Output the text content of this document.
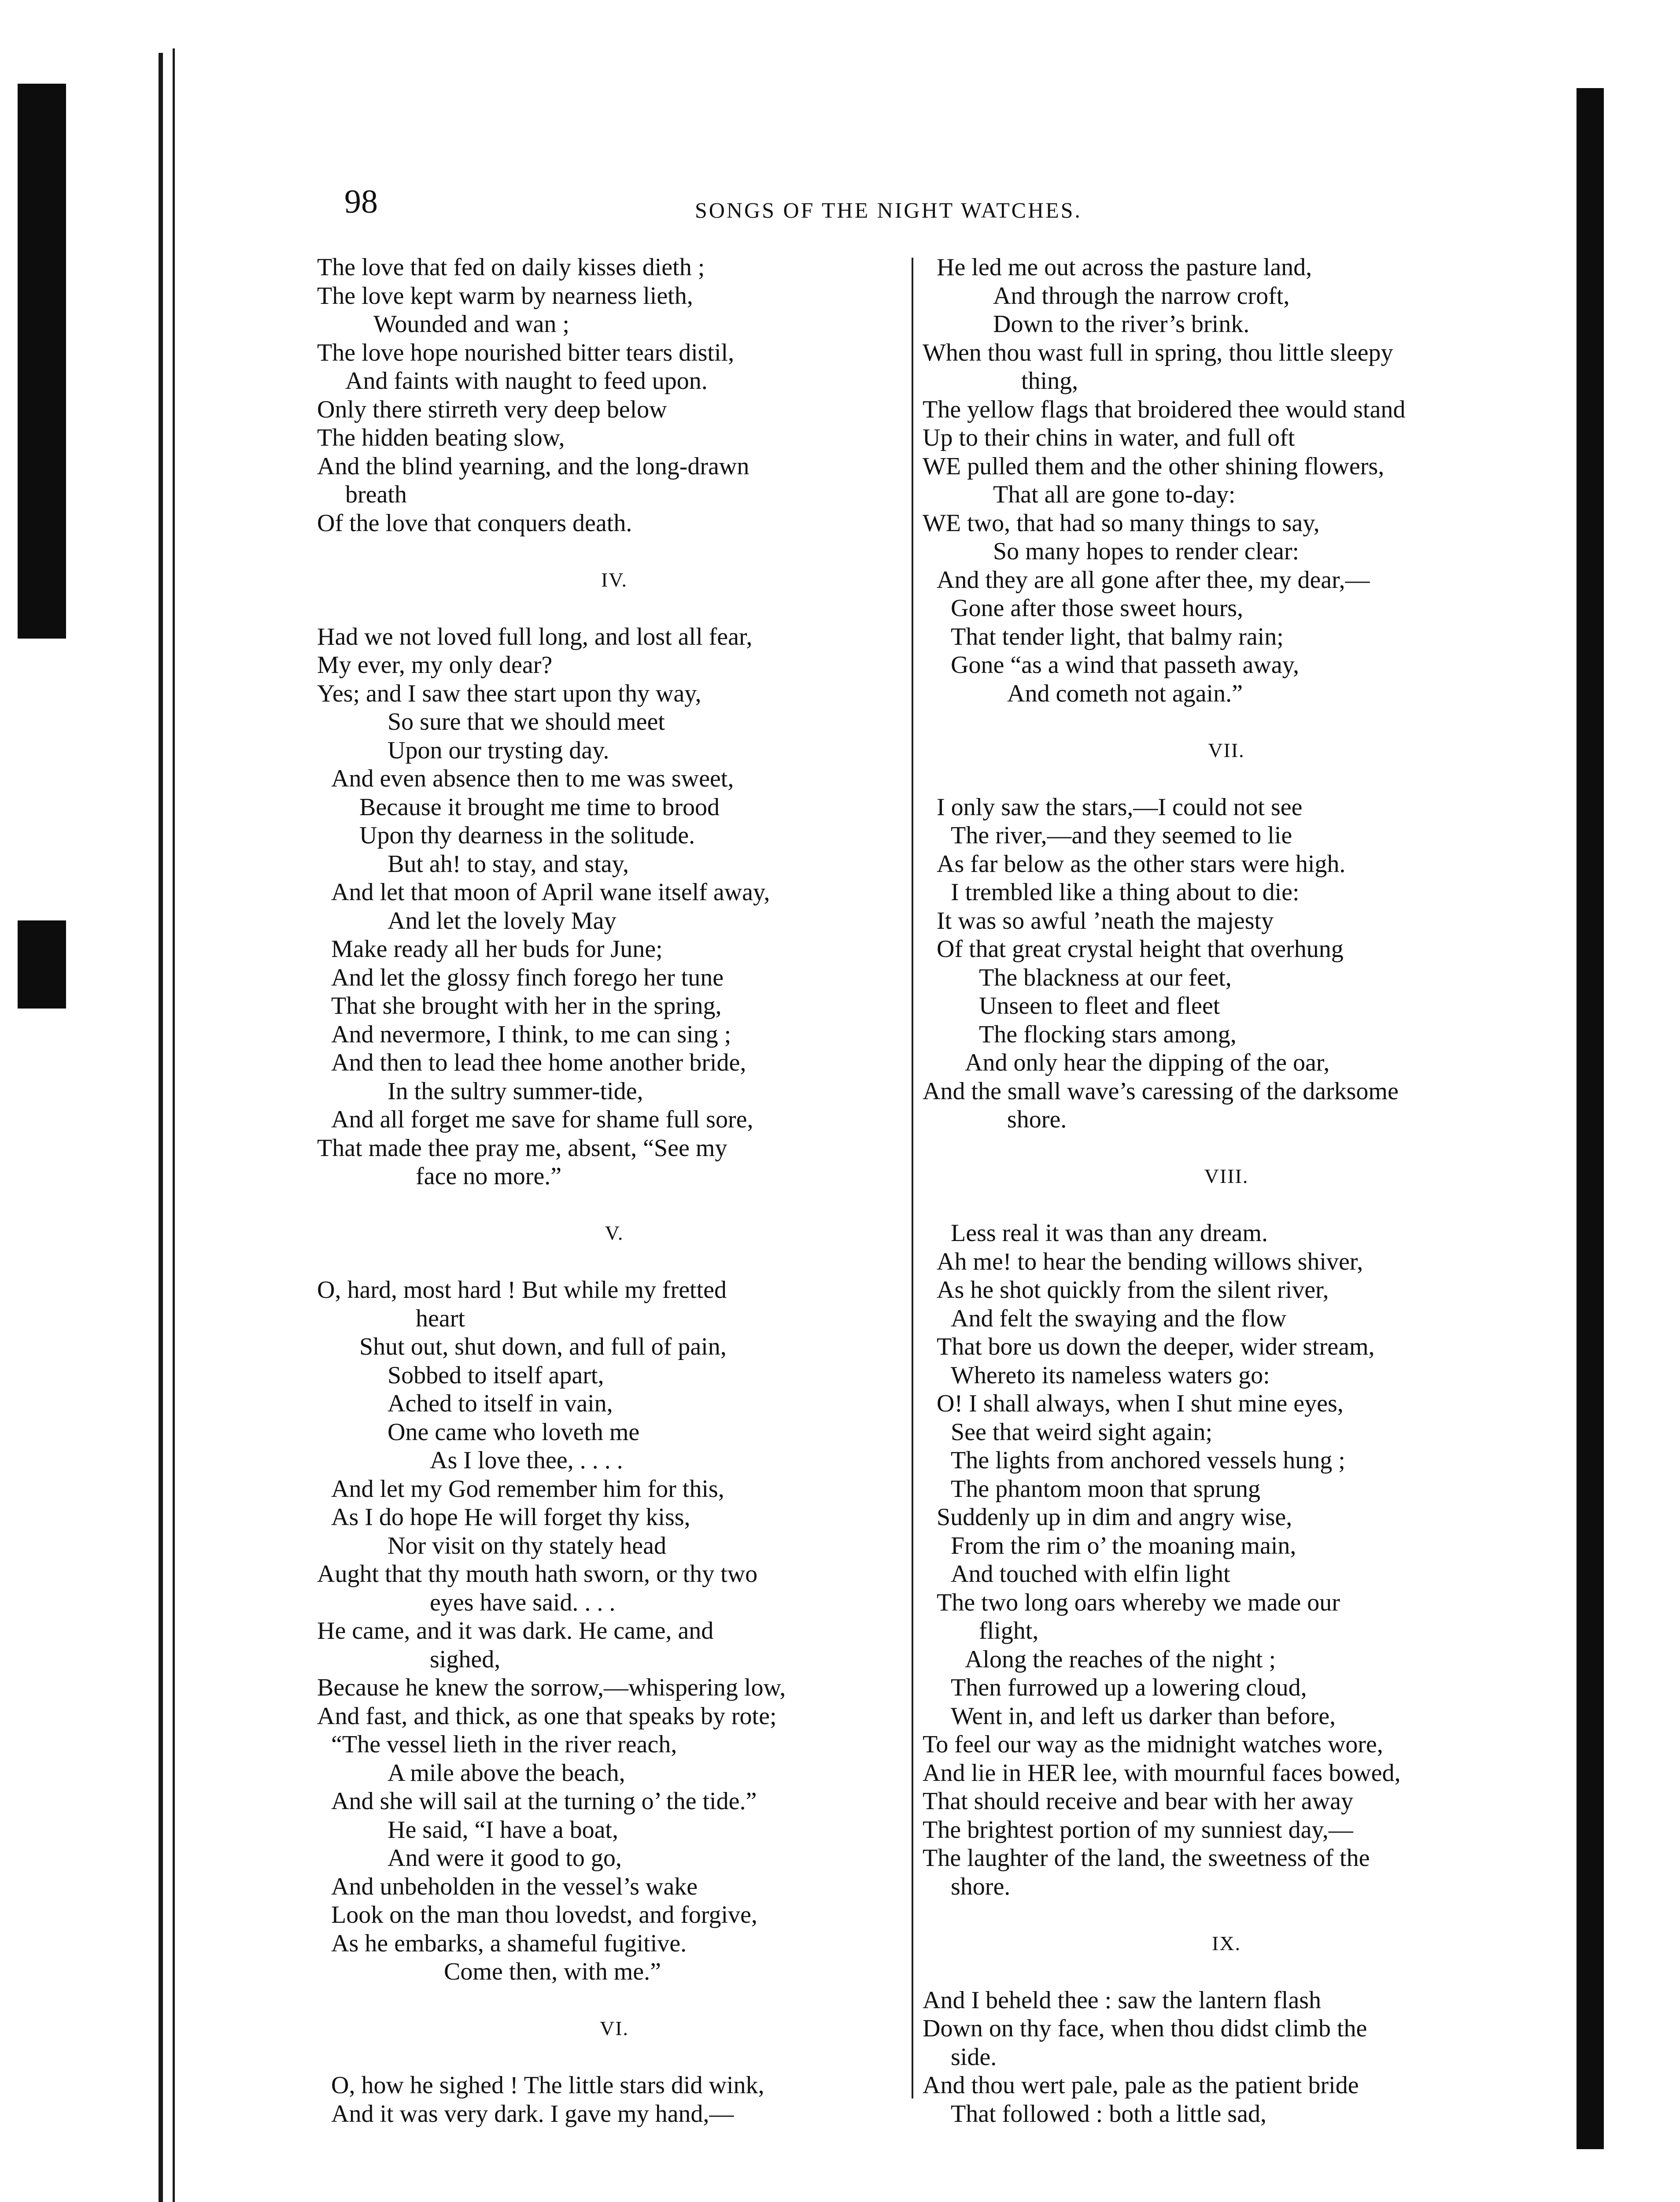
98	SONGS OF THE NIGHT WATCHES.
The love that fed on daily kisses dieth ;
The love kept warm by nearness lieth,
Wounded and wan ;
The love hope nourished bitter tears distil,
And faints with naught to feed upon.
Only there stirreth very deep below
The hidden beating slow,
And the blind yearning, and the long-drawn
breath
Of the love that conquers death.
IV.
Had we not loved full long, and lost all fear,
My ever, my only dear?
Yes; and I saw thee start upon thy way,
So sure that we should meet
Upon our trysting day.
And even absence then to me was sweet,
Because it brought me time to brood
Upon thy dearness in the solitude.
But ah! to stay, and stay,
And let that moon of April wane itself away,
And let the lovely May
Make ready all her buds for June;
And let the glossy finch forego her tune
That she brought with her in the spring,
And nevermore, I think, to me can sing ;
And then to lead thee home another bride,
In the sultry summer-tide,
And all forget me save for shame full sore,
That made thee pray me, absent, “See my
face no more.”
V.
O, hard, most hard ! But while my fretted
heart
Shut out, shut down, and full of pain,
Sobbed to itself apart,
Ached to itself in vain,
One came who loveth me
As I love thee, . . . .
And let my God remember him for this,
As I do hope He will forget thy kiss,
Nor visit on thy stately head
Aught that thy mouth hath sworn, or thy two
eyes have said. . . .
He came, and it was dark. He came, and
sighed,
Because he knew the sorrow,—whispering low,
And fast, and thick, as one that speaks by rote;
“The vessel lieth in the river reach,
A mile above the beach,
And she will sail at the turning o’ the tide.”
He said, “I have a boat,
And were it good to go,
And unbeholden in the vessel’s wake
Look on the man thou lovedst, and forgive,
As he embarks, a shameful fugitive.
Come then, with me.”
VI.
O, how he sighed ! The little stars did wink,
And it was very dark. I gave my hand,—
He led me out across the pasture land,
And through the narrow croft,
Down to the river’s brink.
When thou wast full in spring, thou little sleepy
thing,
The yellow flags that broidered thee would stand
Up to their chins in water, and full oft
WE pulled them and the other shining flowers,
That all are gone to-day:
WE two, that had so many things to say,
So many hopes to render clear:
And they are all gone after thee, my dear,—
Gone after those sweet hours,
That tender light, that balmy rain;
Gone “as a wind that passeth away,
And cometh not again.”
VII.
I only saw the stars,—I could not see
The river,—and they seemed to lie
As far below as the other stars were high.
I trembled like a thing about to die:
It was so awful ’neath the majesty
Of that great crystal height that overhung
The blackness at our feet,
Unseen to fleet and fleet
The flocking stars among,
And only hear the dipping of the oar,
And the small wave’s caressing of the darksome
shore.
VIII.
Less real it was than any dream.
Ah me! to hear the bending willows shiver,
As he shot quickly from the silent river,
And felt the swaying and the flow
That bore us down the deeper, wider stream,
Whereto its nameless waters go:
O! I shall always, when I shut mine eyes,
See that weird sight again;
The lights from anchored vessels hung ;
The phantom moon that sprung
Suddenly up in dim and angry wise,
From the rim o’ the moaning main,
And touched with elfin light
The two long oars whereby we made our
flight,
Along the reaches of the night ;
Then furrowed up a lowering cloud,
Went in, and left us darker than before,
To feel our way as the midnight watches wore,
And lie in HER lee, with mournful faces bowed,
That should receive and bear with her away
The brightest portion of my sunniest day,—
The laughter of the land, the sweetness of the
shore.
IX.
And I beheld thee : saw the lantern flash
Down on thy face, when thou didst climb the
side.
And thou wert pale, pale as the patient bride
That followed : both a little sad,
